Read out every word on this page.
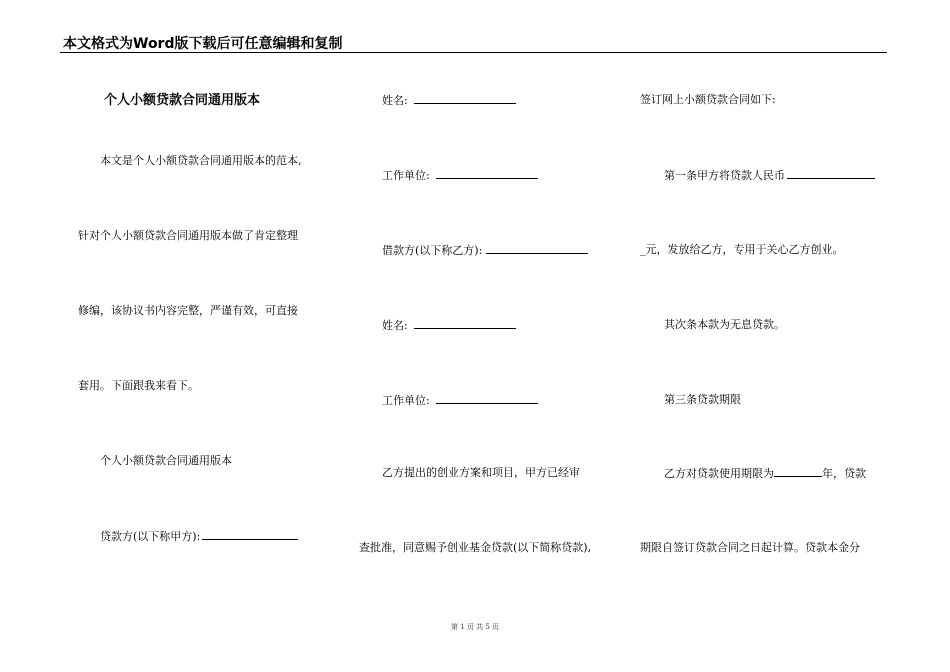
本文格式为Word版下载后可任意编辑和复制
个人小额贷款合同通用版本
本文是个人小额贷款合同通用版本的范本,
针对个人小额贷款合同通用版本做了肯定整理
修编，该协议书内容完整，严谨有效，可直接
套用。下面跟我来看下。
个人小额贷款合同通用版本
贷款方(以下称甲方):
姓名:
工作单位:
借款方(以下称乙方):
姓名:
工作单位:
乙方提出的创业方案和项目，甲方已经审
查批准，同意赐予创业基金贷款(以下简称贷款),
签订网上小额贷款合同如下:
第一条甲方将贷款人民币
_元，发放给乙方，专用于关心乙方创业。
其次条本款为无息贷款。
第三条贷款期限
乙方对贷款使用期限为	年，贷款
期限自签订贷款合同之日起计算。贷款本金分
第 1 页 共 5 页
